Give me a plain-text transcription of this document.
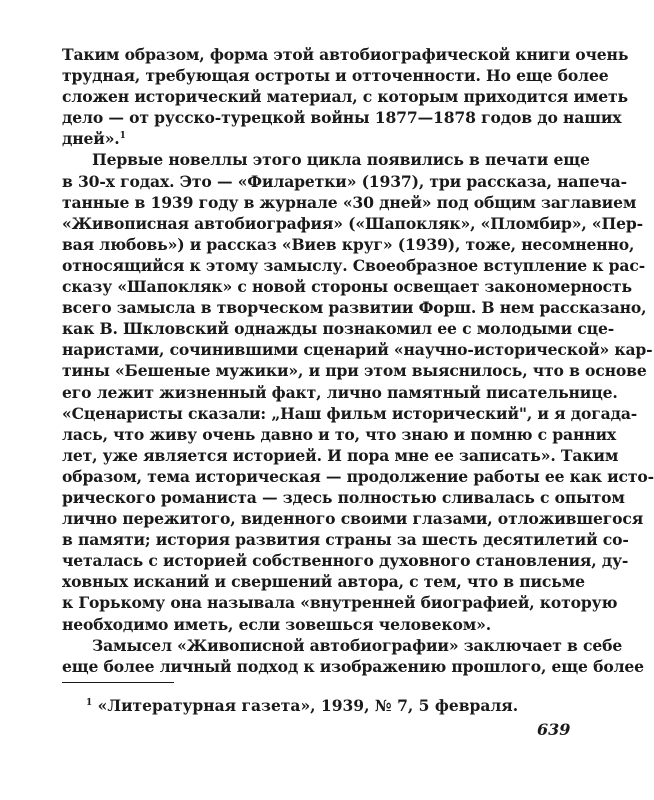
Таким образом, форма этой автобиографической книги очень
трудная, требующая остроты и отточенности. Но еще более
сложен исторический материал, с которым приходится иметь
дело — от русско-турецкой войны 1877—1878 годов до наших
дней».$^1$
Первые новеллы этого цикла появились в печати еще
в 30-х годах. Это — «Филаретки» (1937), три рассказа, напеча-
танные в 1939 году в журнале «30 дней» под общим заглавием
«Живописная автобиография» («Шапокляк», «Пломбир», «Пер-
вая любовь») и рассказ «Виев круг» (1939), тоже, несомненно,
относящийся к этому замыслу. Своеобразное вступление к рас-
сказу «Шапокляк» с новой стороны освещает закономерность
всего замысла в творческом развитии Форш. В нем рассказано,
как В. Шкловский однажды познакомил ее с молодыми сце-
наристами, сочинившими сценарий «научно-исторической» кар-
тины «Бешеные мужики», и при этом выяснилось, что в основе
его лежит жизненный факт, лично памятный писательнице.
«Сценаристы сказали: „Наш фильм исторический", и я догада-
лась, что живу очень давно и то, что знаю и помню с ранних
лет, уже является историей. И пора мне ее записать». Таким
образом, тема историческая — продолжение работы ее как исто-
рического романиста — здесь полностью сливалась с опытом
лично пережитого, виденного своими глазами, отложившегося
в памяти; история развития страны за шесть десятилетий со-
четалась с историей собственного духовного становления, ду-
ховных исканий и свершений автора, с тем, что в письме
к Горькому она называла «внутренней биографией, которую
необходимо иметь, если зовешься человеком».
Замысел «Живописной автобиографии» заключает в себе
еще более личный подход к изображению прошлого, еще более
$^1$ «Литературная газета», 1939, № 7, 5 февраля.
639
